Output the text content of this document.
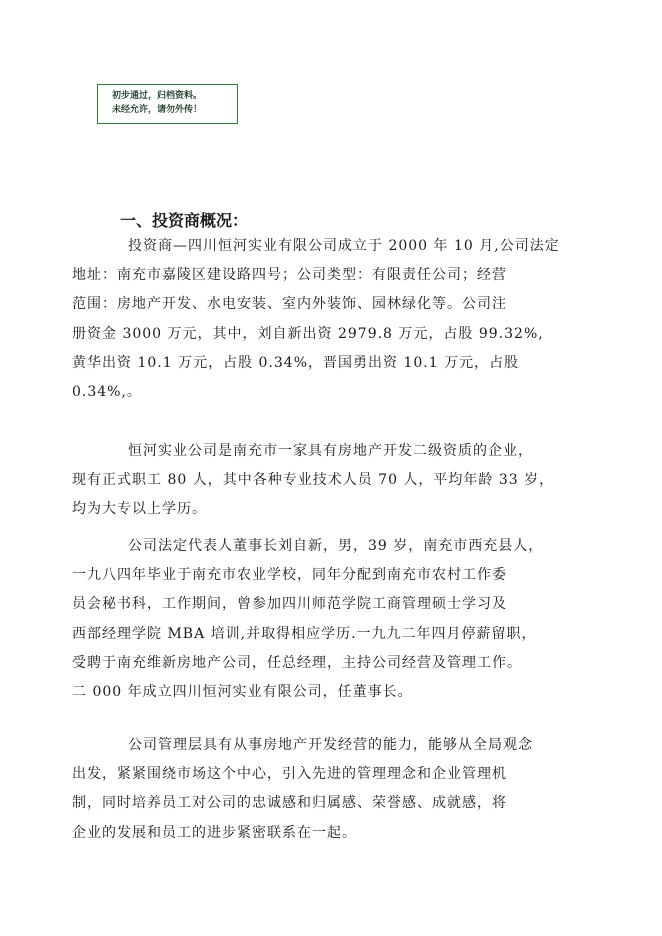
初步通过，归档资料。
未经允许，请勿外传！
一、投资商概况：
投资商—四川恒河实业有限公司成立于 2000 年 10 月,公司法定
地址：南充市嘉陵区建设路四号；公司类型：有限责任公司；经营
范围：房地产开发、水电安装、室内外装饰、园林绿化等。公司注
册资金 3000 万元，其中，刘自新出资 2979.8 万元，占股 99.32%,
黄华出资 10.1 万元，占股 0.34%，晋国勇出资 10.1 万元，占股
0.34%,。
恒河实业公司是南充市一家具有房地产开发二级资质的企业，
现有正式职工 80 人，其中各种专业技术人员 70 人，平均年龄 33 岁，
均为大专以上学历。
公司法定代表人董事长刘自新，男，39 岁，南充市西充县人，
一九八四年毕业于南充市农业学校，同年分配到南充市农村工作委
员会秘书科，工作期间，曾参加四川师范学院工商管理硕士学习及
西部经理学院 MBA 培训,并取得相应学历.一九九二年四月停薪留职，
受聘于南充维新房地产公司，任总经理，主持公司经营及管理工作。
二 000 年成立四川恒河实业有限公司，任董事长。
公司管理层具有从事房地产开发经营的能力，能够从全局观念
出发，紧紧围绕市场这个中心，引入先进的管理理念和企业管理机
制，同时培养员工对公司的忠诚感和归属感、荣誉感、成就感，将
企业的发展和员工的进步紧密联系在一起。
